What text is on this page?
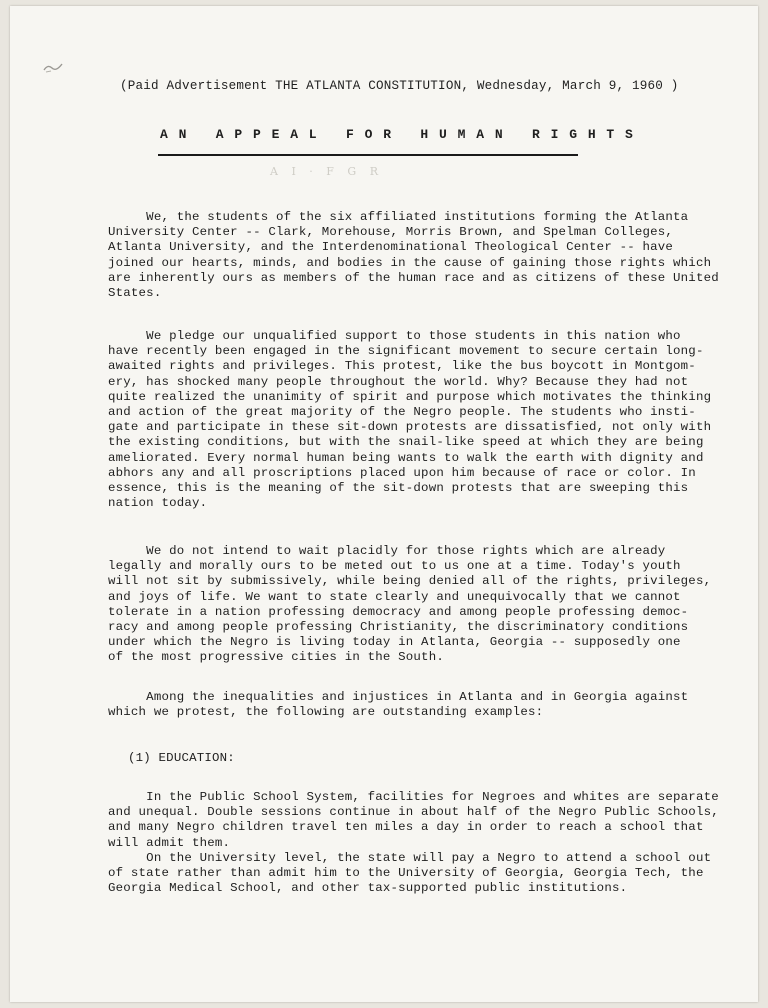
(Paid Advertisement THE ATLANTA CONSTITUTION, Wednesday, March 9, 1960 )
AN APPEAL FOR HUMAN RIGHTS
A I · F G R

We, the students of the six affiliated institutions forming the Atlanta
University Center -- Clark, Morehouse, Morris Brown, and Spelman Colleges,
Atlanta University, and the Interdenominational Theological Center -- have
joined our hearts, minds, and bodies in the cause of gaining those rights which
are inherently ours as members of the human race and as citizens of these United
States.

We pledge our unqualified support to those students in this nation who
have recently been engaged in the significant movement to secure certain long-
awaited rights and privileges. This protest, like the bus boycott in Montgom-
ery, has shocked many people throughout the world. Why? Because they had not
quite realized the unanimity of spirit and purpose which motivates the thinking
and action of the great majority of the Negro people. The students who insti-
gate and participate in these sit-down protests are dissatisfied, not only with
the existing conditions, but with the snail-like speed at which they are being
ameliorated. Every normal human being wants to walk the earth with dignity and
abhors any and all proscriptions placed upon him because of race or color. In
essence, this is the meaning of the sit-down protests that are sweeping this
nation today.

We do not intend to wait placidly for those rights which are already
legally and morally ours to be meted out to us one at a time. Today's youth
will not sit by submissively, while being denied all of the rights, privileges,
and joys of life. We want to state clearly and unequivocally that we cannot
tolerate in a nation professing democracy and among people professing democ-
racy and among people professing Christianity, the discriminatory conditions
under which the Negro is living today in Atlanta, Georgia -- supposedly one
of the most progressive cities in the South.

Among the inequalities and injustices in Atlanta and in Georgia against
which we protest, the following are outstanding examples:

(1) EDUCATION:

In the Public School System, facilities for Negroes and whites are separate
and unequal. Double sessions continue in about half of the Negro Public Schools,
and many Negro children travel ten miles a day in order to reach a school that
will admit them.
On the University level, the state will pay a Negro to attend a school out
of state rather than admit him to the University of Georgia, Georgia Tech, the
Georgia Medical School, and other tax-supported public institutions.
